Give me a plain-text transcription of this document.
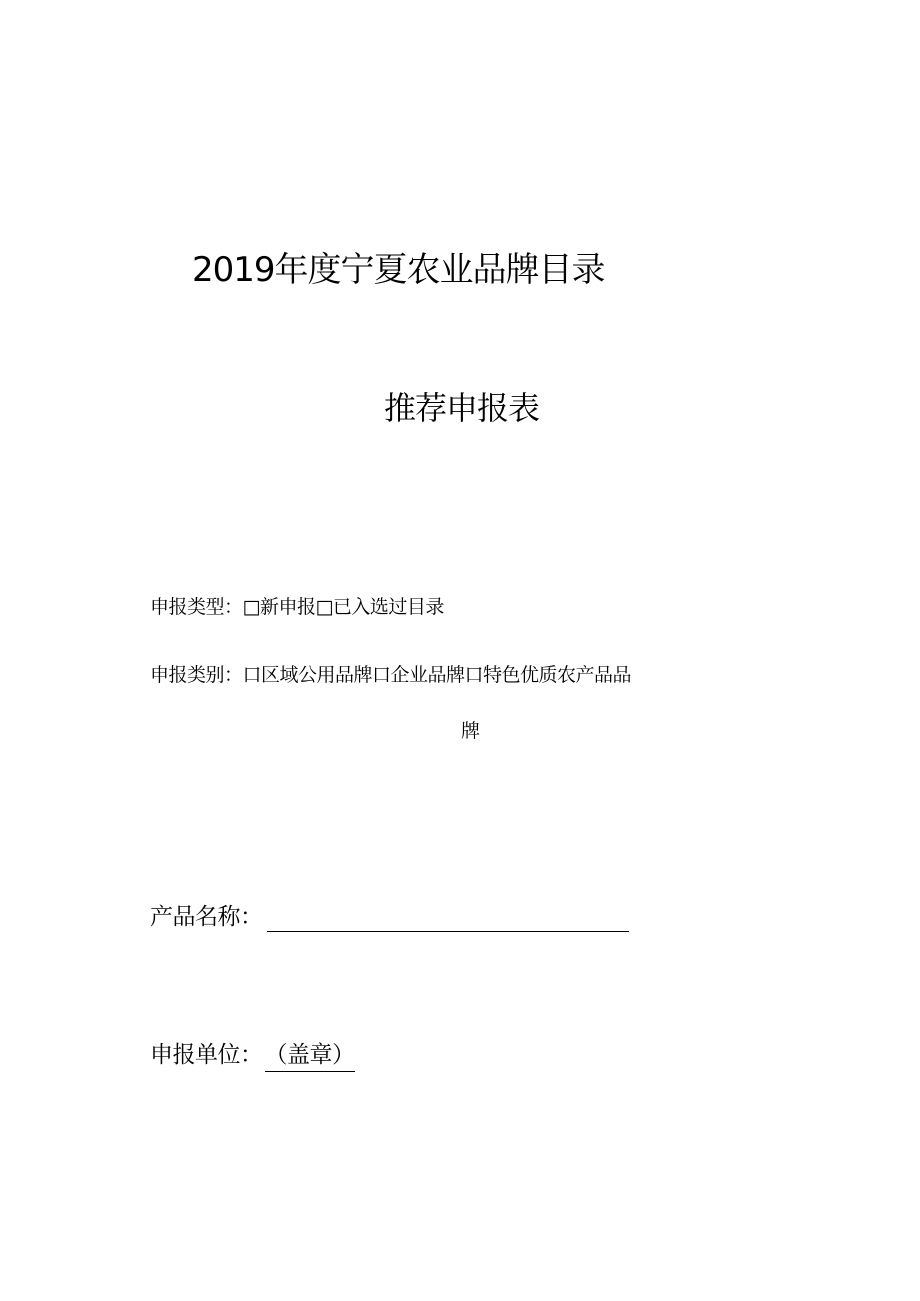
2019年度宁夏农业品牌目录
推荐申报表
申报类型：□新申报□已入选过目录
申报类别：口区域公用品牌口企业品牌口特色优质农产品品
牌
产品名称：
申报单位：（盖章）
